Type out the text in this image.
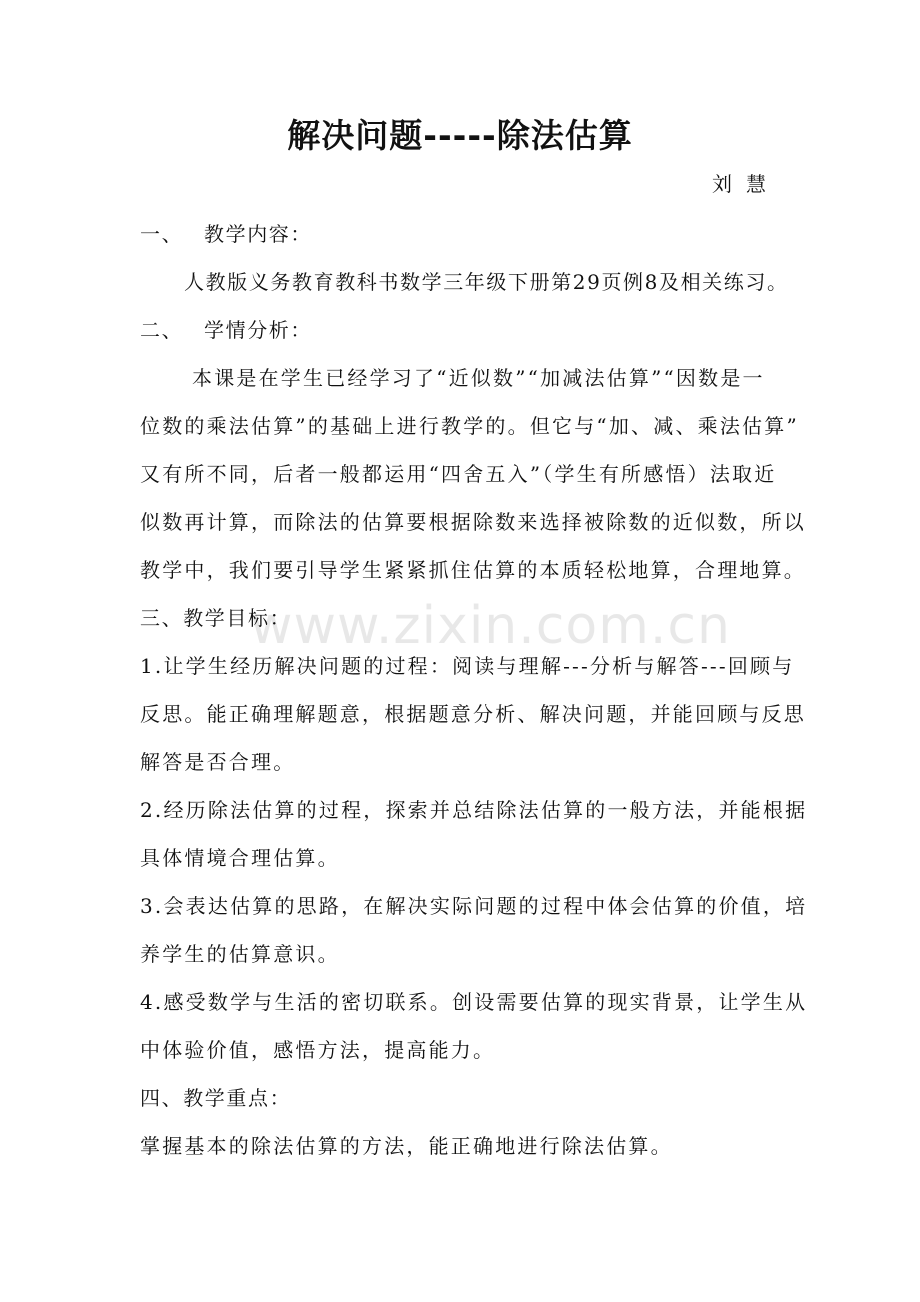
解决问题-----除法估算
刘慧
一、 教学内容：
人教版义务教育教科书数学三年级下册第29页例8及相关练习。
二、 学情分析：
本课是在学生已经学习了“近似数”“加减法估算”“因数是一
位数的乘法估算”的基础上进行教学的。但它与“加、减、乘法估算”
又有所不同，后者一般都运用“四舍五入”（学生有所感悟）法取近
似数再计算，而除法的估算要根据除数来选择被除数的近似数，所以
教学中，我们要引导学生紧紧抓住估算的本质轻松地算，合理地算。
三、教学目标：
1.让学生经历解决问题的过程：阅读与理解---分析与解答---回顾与
反思。能正确理解题意，根据题意分析、解决问题，并能回顾与反思
解答是否合理。
2.经历除法估算的过程，探索并总结除法估算的一般方法，并能根据
具体情境合理估算。
3.会表达估算的思路，在解决实际问题的过程中体会估算的价值，培
养学生的估算意识。
4.感受数学与生活的密切联系。创设需要估算的现实背景，让学生从
中体验价值，感悟方法，提高能力。
四、教学重点：
掌握基本的除法估算的方法，能正确地进行除法估算。
www.zixin.com.cn
